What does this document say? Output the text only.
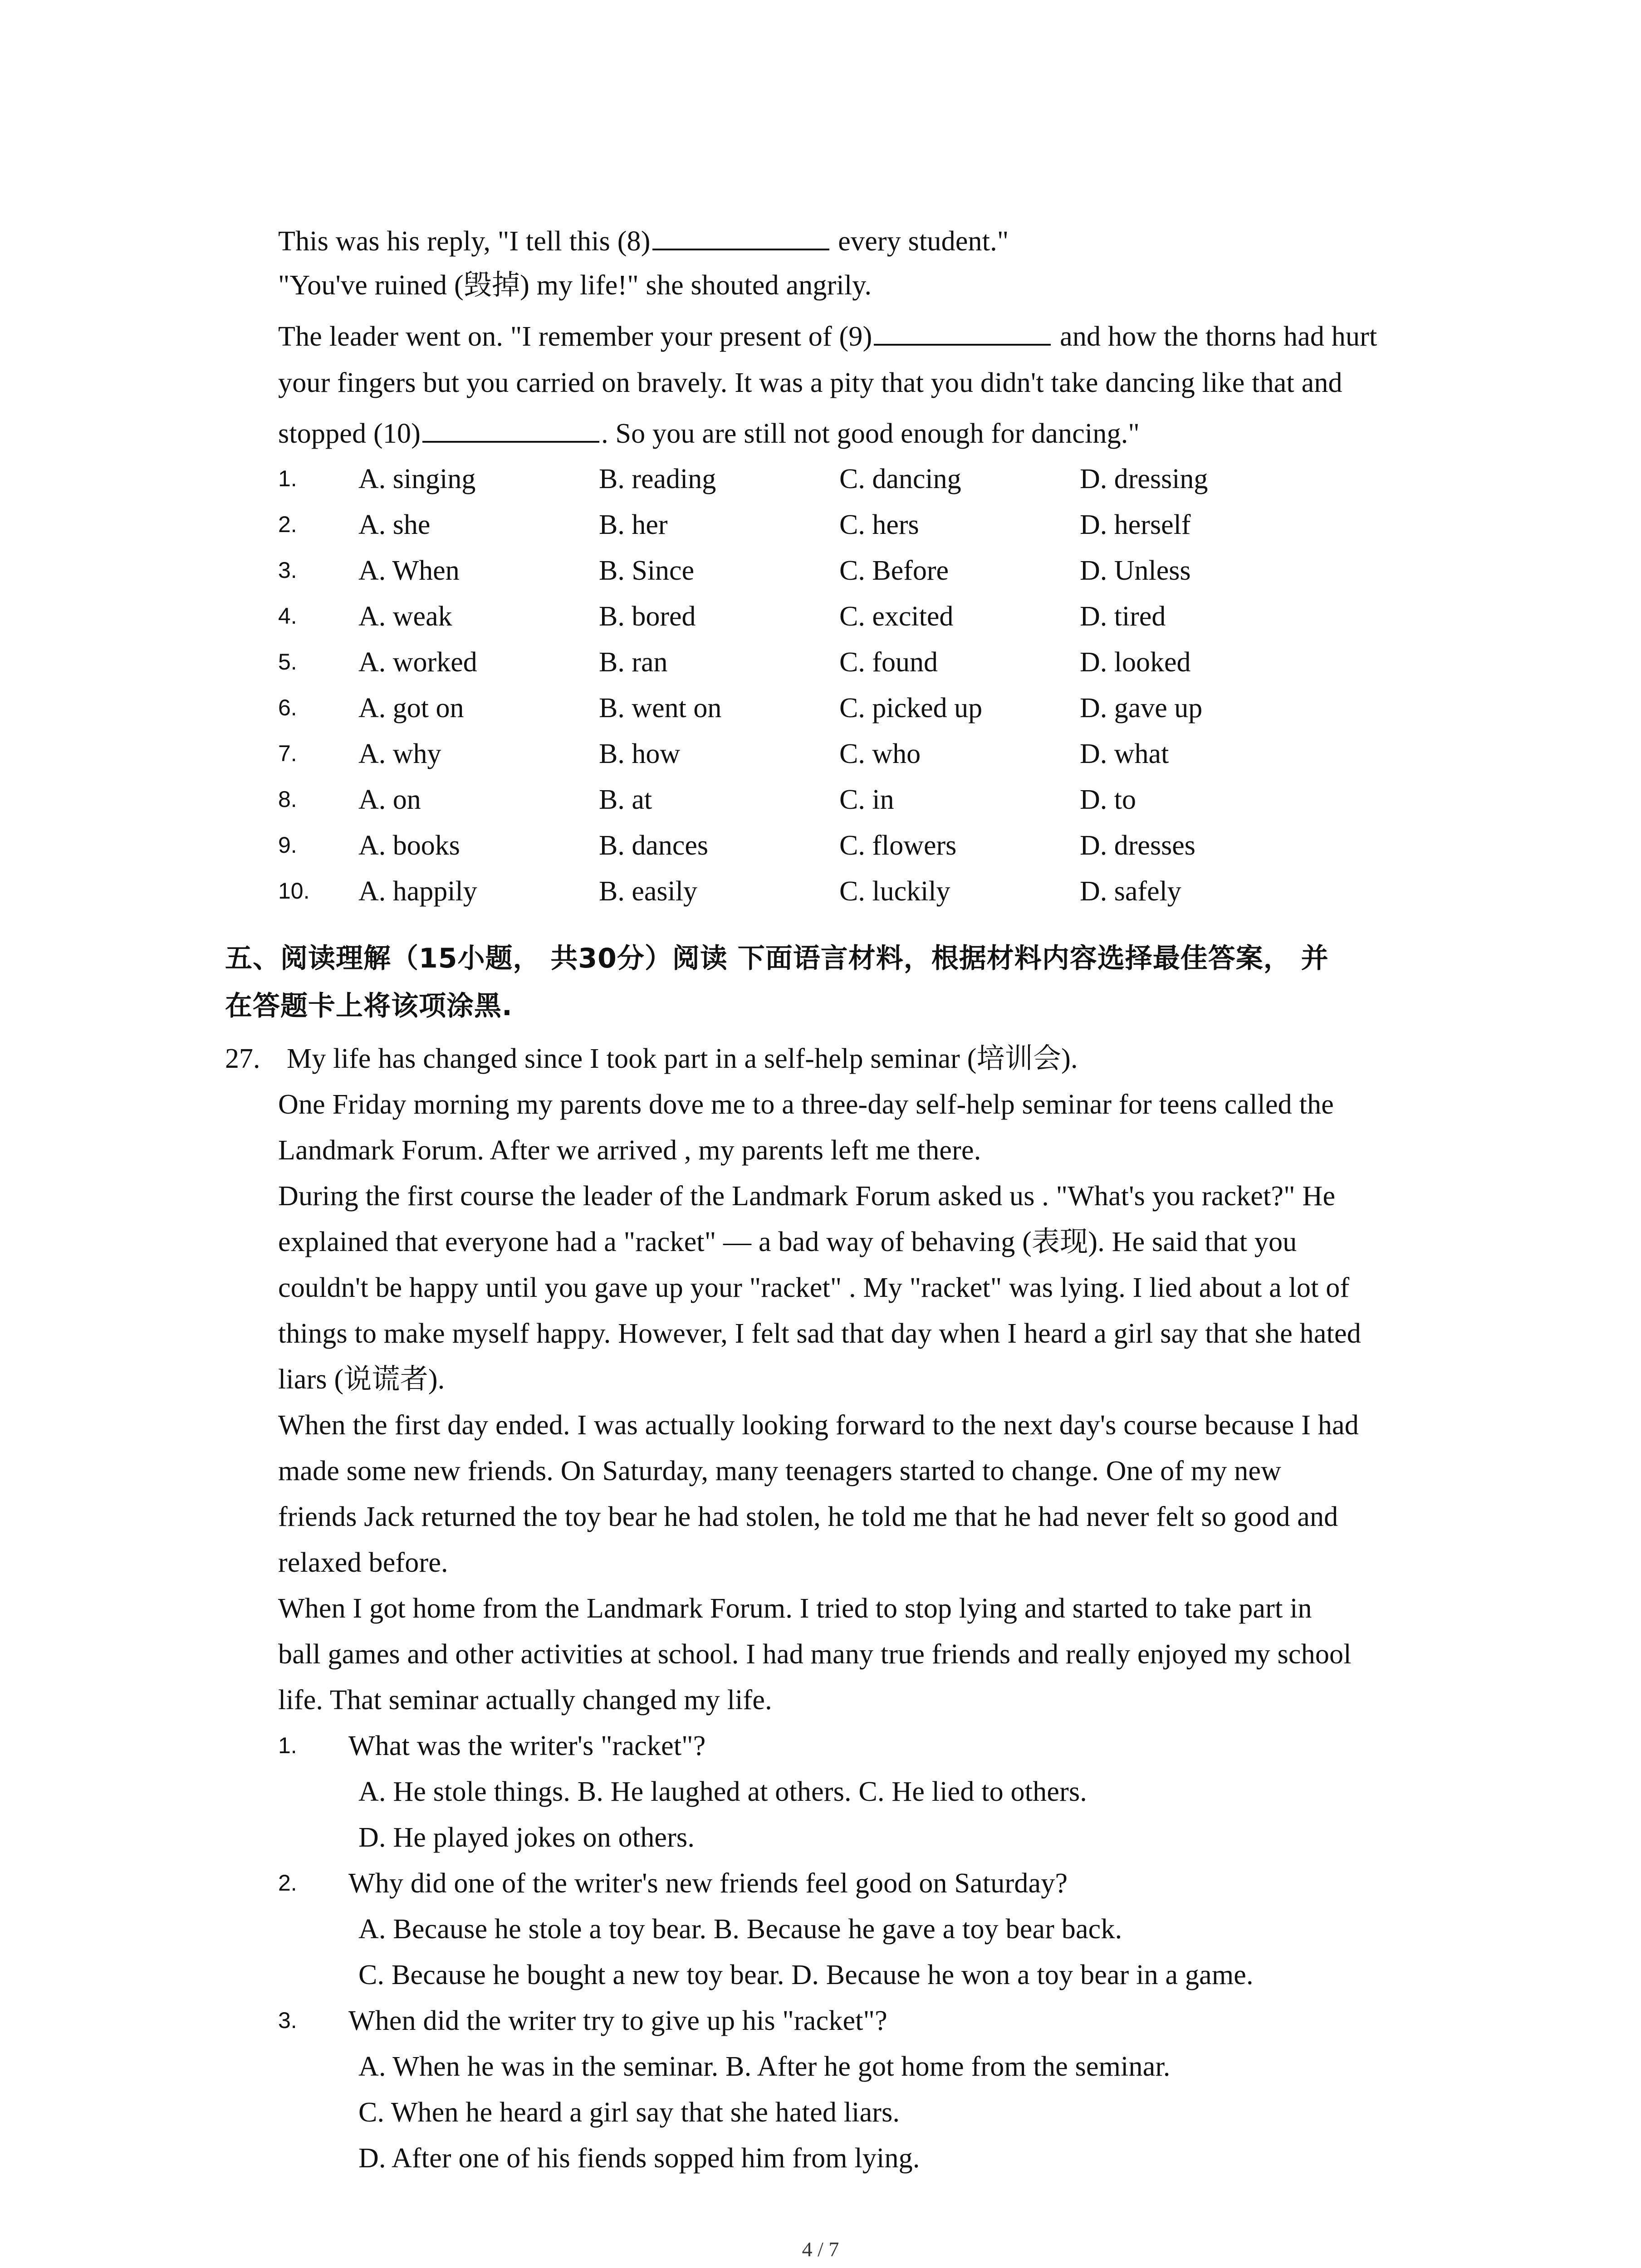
This was his reply, "I tell this (8)	every student."
"You've ruined (毁掉) my life!" she shouted angrily.
The leader went on. "I remember your present of (9)	and how the thorns had hurt
your fingers but you carried on bravely. It was a pity that you didn't take dancing like that and
stopped (10)	. So you are still not good enough for dancing."
1. A. singing	B. reading	C. dancing	D. dressing
2. A. she	B. her	C. hers	D. herself
3. A. When	B. Since	C. Before	D. Unless
4. A. weak	B. bored	C. excited	D. tired
5. A. worked	B. ran	C. found	D. looked
6. A. got on	B. went on	C. picked up	D. gave up
7. A. why	B. how	C. who	D. what
8. A. on	B. at	C. in	D. to
9. A. books	B. dances	C. flowers	D. dresses
10. A. happily	B. easily	C. luckily	D. safely
五、阅读理解（15小题， 共30分）阅读 下面语言材料，根据材料内容选择最佳答案， 并
在答题卡上将该项涂黑.
27. My life has changed since I took part in a self-help seminar (培训会).
One Friday morning my parents dove me to a three-day self-help seminar for teens called the
Landmark Forum. After we arrived , my parents left me there.
During the first course the leader of the Landmark Forum asked us . "What's you racket?" He
explained that everyone had a "racket" — a bad way of behaving (表现). He said that you
couldn't be happy until you gave up your "racket" . My "racket" was lying. I lied about a lot of
things to make myself happy. However, I felt sad that day when I heard a girl say that she hated
liars (说谎者).
When the first day ended. I was actually looking forward to the next day's course because I had
made some new friends. On Saturday, many teenagers started to change. One of my new
friends Jack returned the toy bear he had stolen, he told me that he had never felt so good and
relaxed before.
When I got home from the Landmark Forum. I tried to stop lying and started to take part in
ball games and other activities at school. I had many true friends and really enjoyed my school
life. That seminar actually changed my life.
1. What was the writer's "racket"?
A. He stole things. B. He laughed at others. C. He lied to others.
D. He played jokes on others.
2. Why did one of the writer's new friends feel good on Saturday?
A. Because he stole a toy bear. B. Because he gave a toy bear back.
C. Because he bought a new toy bear. D. Because he won a toy bear in a game.
3. When did the writer try to give up his "racket"?
A. When he was in the seminar. B. After he got home from the seminar.
C. When he heard a girl say that she hated liars.
D. After one of his fiends sopped him from lying.
4 / 7
